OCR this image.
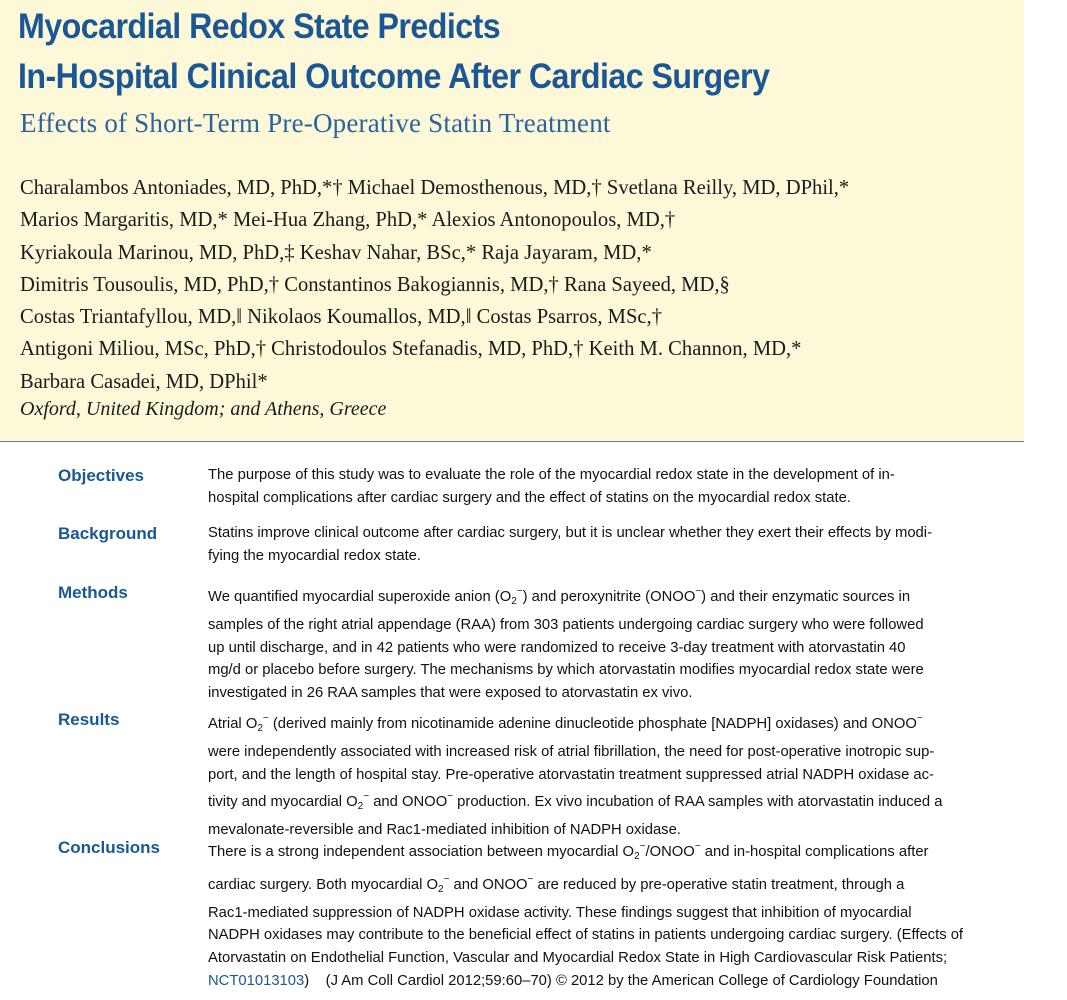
Myocardial Redox State Predicts
In-Hospital Clinical Outcome After Cardiac Surgery
Effects of Short-Term Pre-Operative Statin Treatment
Charalambos Antoniades, MD, PhD,*† Michael Demosthenous, MD,† Svetlana Reilly, MD, DPhil,*
Marios Margaritis, MD,* Mei-Hua Zhang, PhD,* Alexios Antonopoulos, MD,†
Kyriakoula Marinou, MD, PhD,‡ Keshav Nahar, BSc,* Raja Jayaram, MD,*
Dimitris Tousoulis, MD, PhD,† Constantinos Bakogiannis, MD,† Rana Sayeed, MD,§
Costas Triantafyllou, MD,‖ Nikolaos Koumallos, MD,‖ Costas Psarros, MSc,†
Antigoni Miliou, MSc, PhD,† Christodoulos Stefanadis, MD, PhD,† Keith M. Channon, MD,*
Barbara Casadei, MD, DPhil*
Oxford, United Kingdom; and Athens, Greece
Objectives	The purpose of this study was to evaluate the role of the myocardial redox state in the development of in-
hospital complications after cardiac surgery and the effect of statins on the myocardial redox state.

Background	Statins improve clinical outcome after cardiac surgery, but it is unclear whether they exert their effects by modi-
fying the myocardial redox state.

Methods	We quantified myocardial superoxide anion $(O_2^-)$ and peroxynitrite (ONOO−) and their enzymatic sources in
samples of the right atrial appendage (RAA) from 303 patients undergoing cardiac surgery who were followed
up until discharge, and in 42 patients who were randomized to receive 3-day treatment with atorvastatin 40
mg/d or placebo before surgery. The mechanisms by which atorvastatin modifies myocardial redox state were
investigated in 26 RAA samples that were exposed to atorvastatin ex vivo.

Results	Atrial $O_2^-$ (derived mainly from nicotinamide adenine dinucleotide phosphate [NADPH] oxidases) and ONOO−
were independently associated with increased risk of atrial fibrillation, the need for post-operative inotropic sup-
port, and the length of hospital stay. Pre-operative atorvastatin treatment suppressed atrial NADPH oxidase ac-
tivity and myocardial $O_2^-$ and ONOO− production. Ex vivo incubation of RAA samples with atorvastatin induced a
mevalonate-reversible and Rac1-mediated inhibition of NADPH oxidase.

Conclusions	There is a strong independent association between myocardial $O_2^-/ONOO^-$ and in-hospital complications after
cardiac surgery. Both myocardial $O_2^-$ and ONOO− are reduced by pre-operative statin treatment, through a
Rac1-mediated suppression of NADPH oxidase activity. These findings suggest that inhibition of myocardial
NADPH oxidases may contribute to the beneficial effect of statins in patients undergoing cardiac surgery. (Effects of
Atorvastatin on Endothelial Function, Vascular and Myocardial Redox State in High Cardiovascular Risk Patients;
NCT01013103) (J Am Coll Cardiol 2012;59:60–70) © 2012 by the American College of Cardiology Foundation
